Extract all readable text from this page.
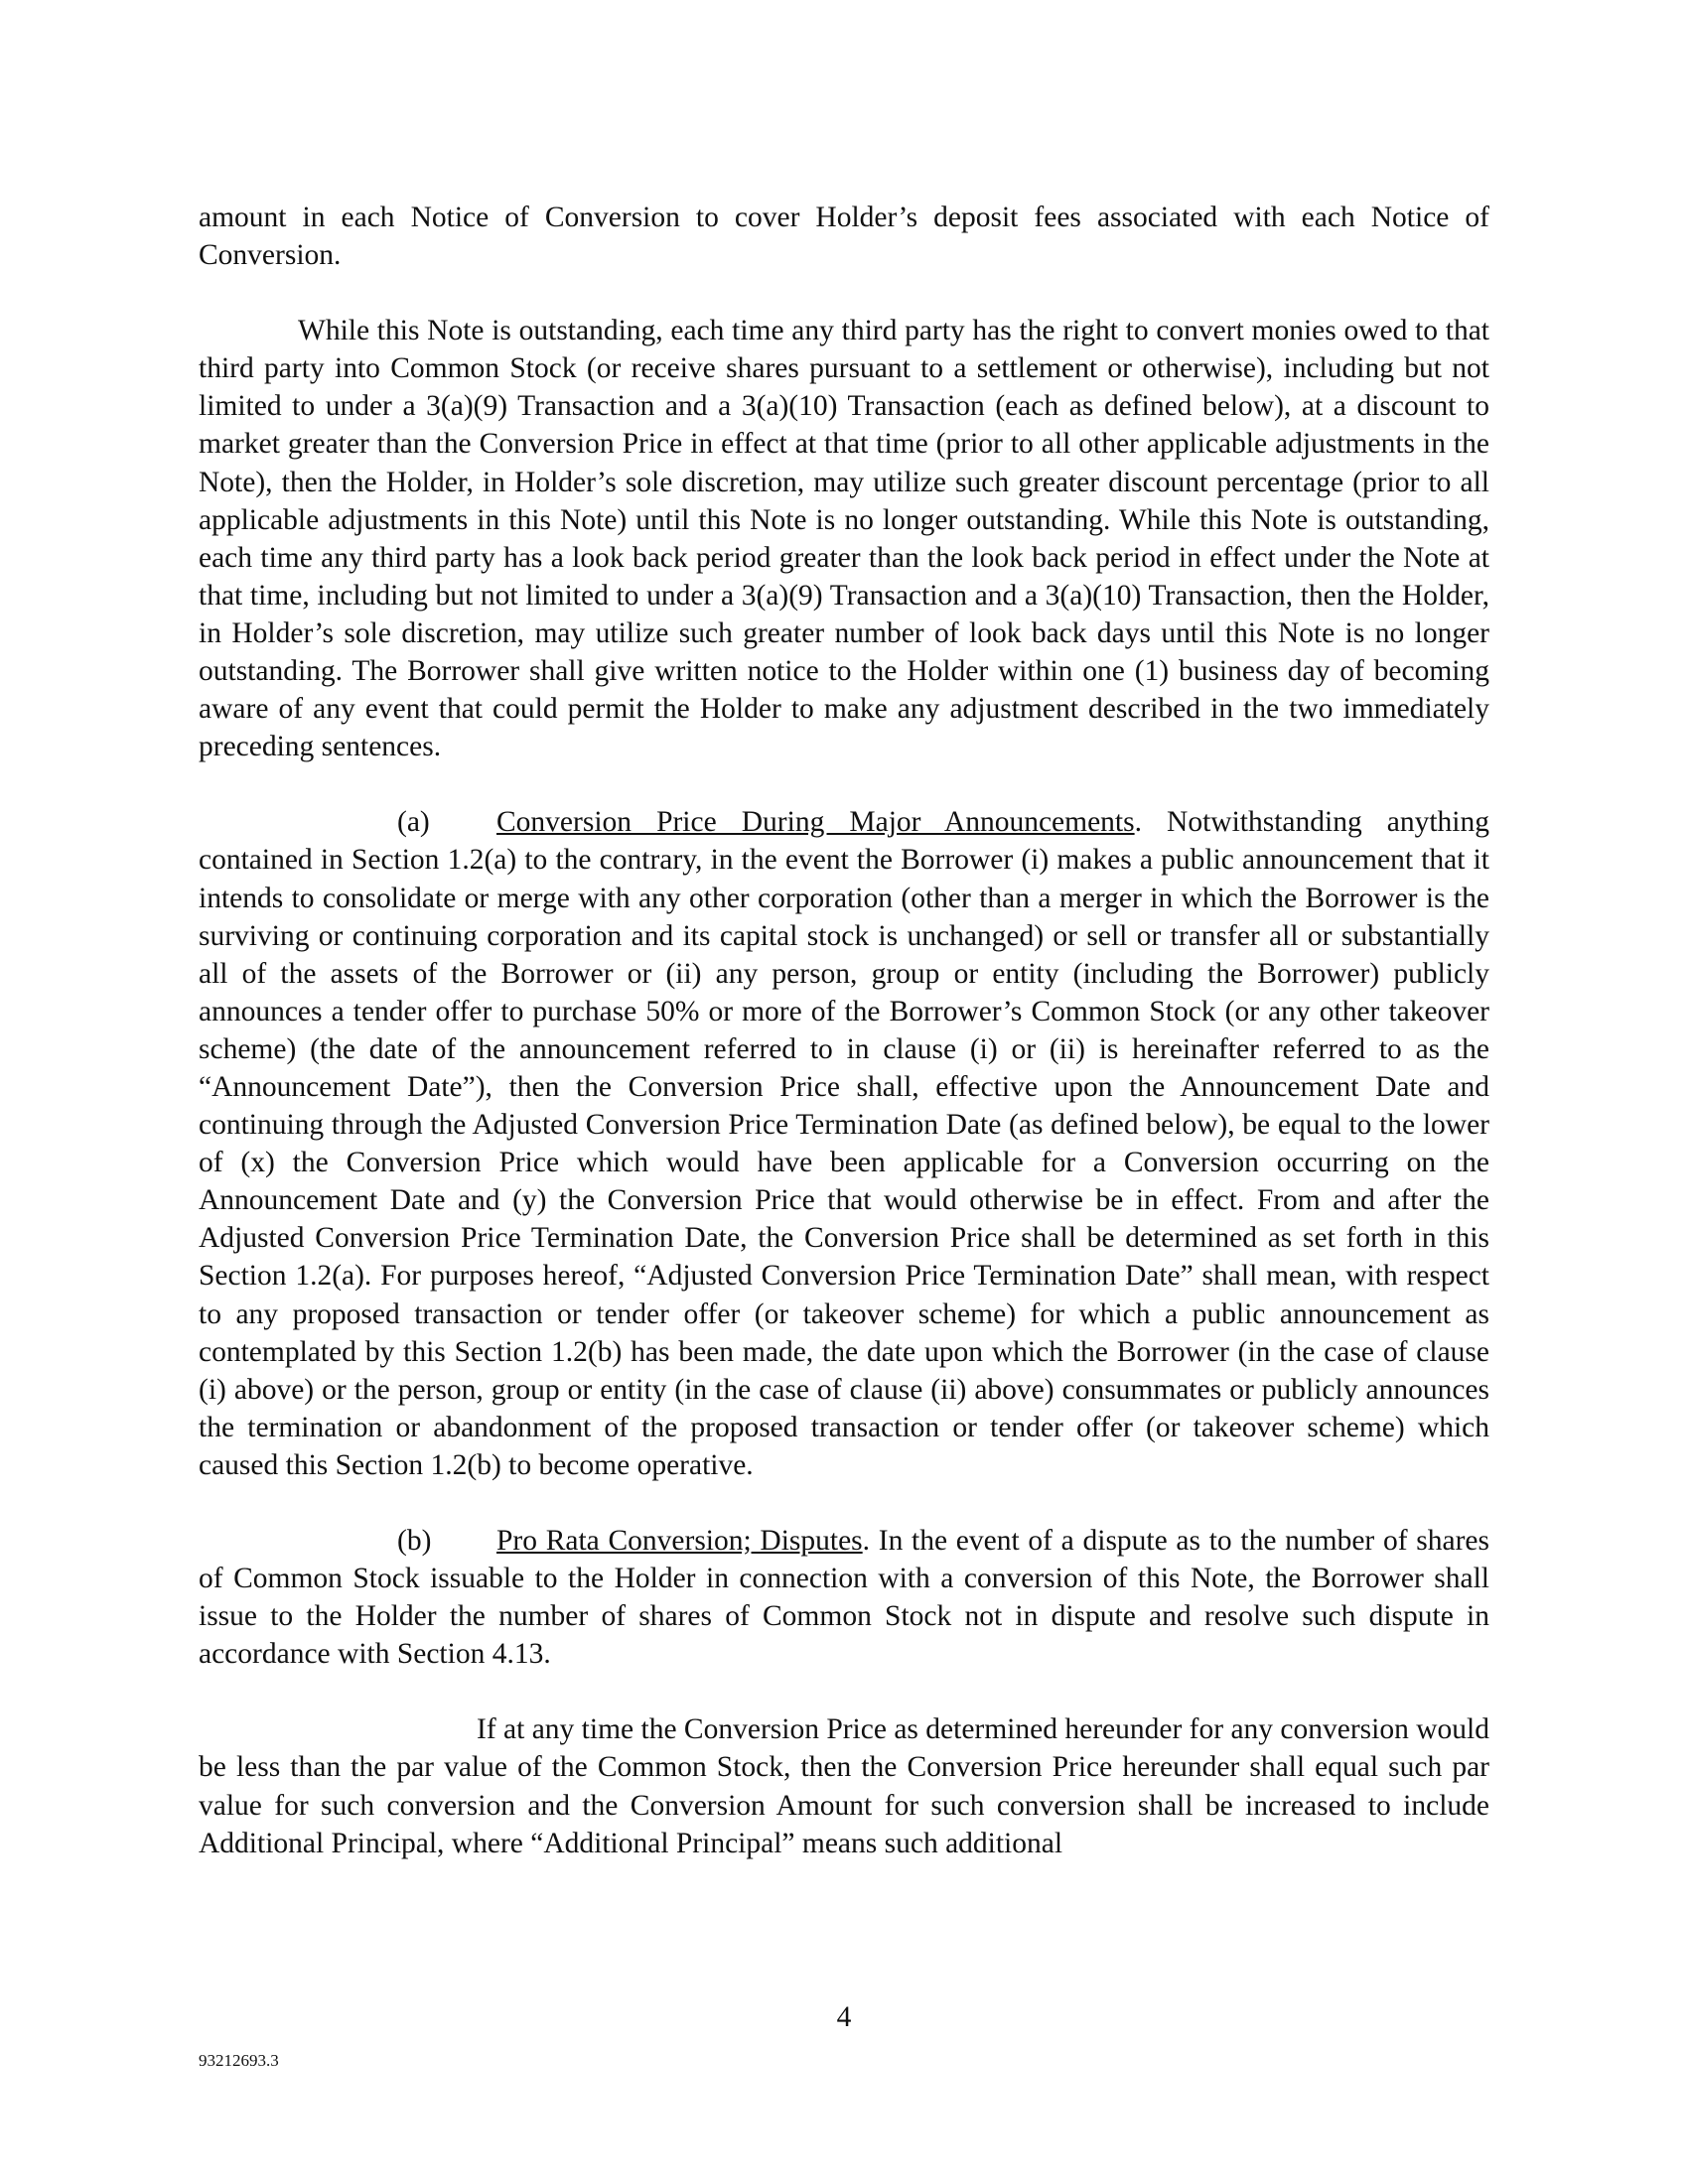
amount in each Notice of Conversion to cover Holder’s deposit fees associated with each Notice of Conversion.

While this Note is outstanding, each time any third party has the right to convert monies owed to that third party into Common Stock (or receive shares pursuant to a settlement or otherwise), including but not limited to under a 3(a)(9) Transaction and a 3(a)(10) Transaction (each as defined below), at a discount to market greater than the Conversion Price in effect at that time (prior to all other applicable adjustments in the Note), then the Holder, in Holder’s sole discretion, may utilize such greater discount percentage (prior to all applicable adjustments in this Note) until this Note is no longer outstanding. While this Note is outstanding, each time any third party has a look back period greater than the look back period in effect under the Note at that time, including but not limited to under a 3(a)(9) Transaction and a 3(a)(10) Transaction, then the Holder, in Holder’s sole discretion, may utilize such greater number of look back days until this Note is no longer outstanding. The Borrower shall give written notice to the Holder within one (1) business day of becoming aware of any event that could permit the Holder to make any adjustment described in the two immediately preceding sentences.

(a) Conversion Price During Major Announcements. Notwithstanding anything contained in Section 1.2(a) to the contrary, in the event the Borrower (i) makes a public announcement that it intends to consolidate or merge with any other corporation (other than a merger in which the Borrower is the surviving or continuing corporation and its capital stock is unchanged) or sell or transfer all or substantially all of the assets of the Borrower or (ii) any person, group or entity (including the Borrower) publicly announces a tender offer to purchase 50% or more of the Borrower’s Common Stock (or any other takeover scheme) (the date of the announcement referred to in clause (i) or (ii) is hereinafter referred to as the “Announcement Date”), then the Conversion Price shall, effective upon the Announcement Date and continuing through the Adjusted Conversion Price Termination Date (as defined below), be equal to the lower of (x) the Conversion Price which would have been applicable for a Conversion occurring on the Announcement Date and (y) the Conversion Price that would otherwise be in effect. From and after the Adjusted Conversion Price Termination Date, the Conversion Price shall be determined as set forth in this Section 1.2(a). For purposes hereof, “Adjusted Conversion Price Termination Date” shall mean, with respect to any proposed transaction or tender offer (or takeover scheme) for which a public announcement as contemplated by this Section 1.2(b) has been made, the date upon which the Borrower (in the case of clause (i) above) or the person, group or entity (in the case of clause (ii) above) consummates or publicly announces the termination or abandonment of the proposed transaction or tender offer (or takeover scheme) which caused this Section 1.2(b) to become operative.

(b) Pro Rata Conversion; Disputes. In the event of a dispute as to the number of shares of Common Stock issuable to the Holder in connection with a conversion of this Note, the Borrower shall issue to the Holder the number of shares of Common Stock not in dispute and resolve such dispute in accordance with Section 4.13.

If at any time the Conversion Price as determined hereunder for any conversion would be less than the par value of the Common Stock, then the Conversion Price hereunder shall equal such par value for such conversion and the Conversion Amount for such conversion shall be increased to include Additional Principal, where “Additional Principal” means such additional

4
93212693.3
